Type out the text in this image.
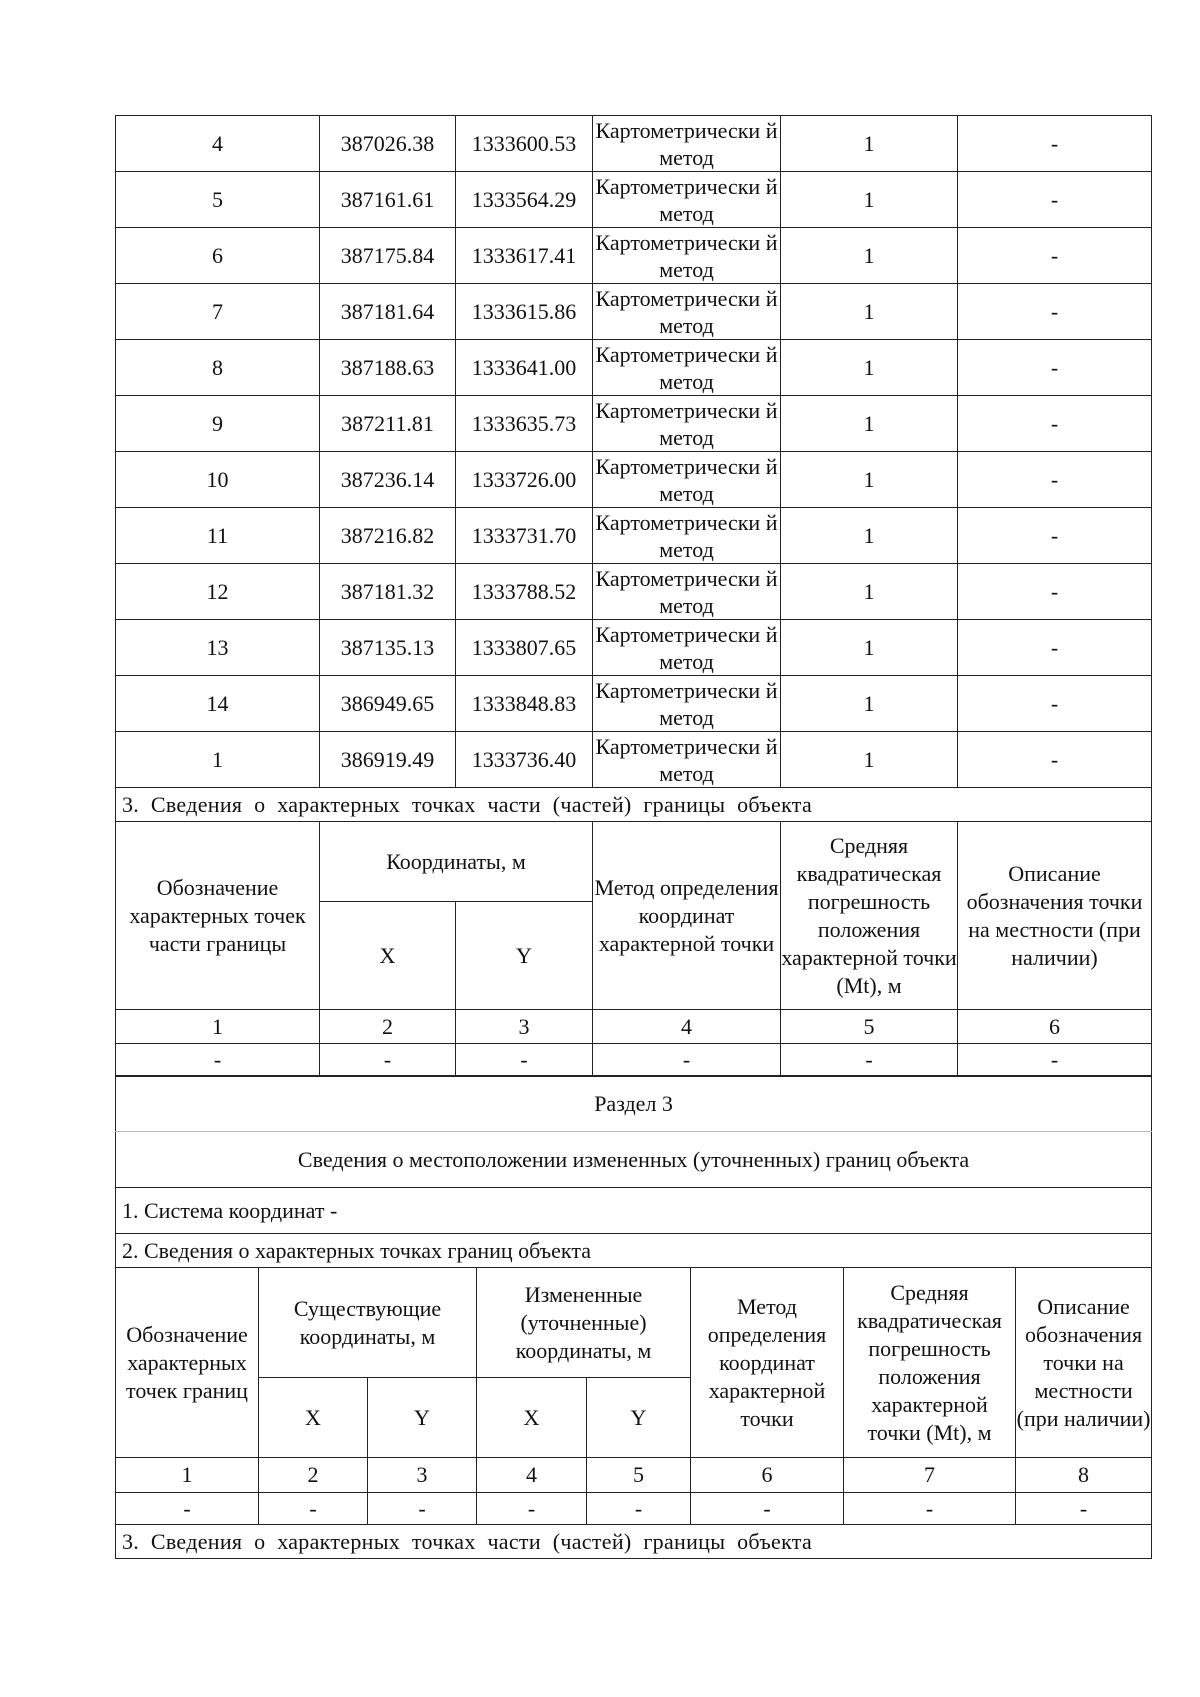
4	387026.38	1333600.53	Картометрически й метод	1	-
5	387161.61	1333564.29	Картометрически й метод	1	-
6	387175.84	1333617.41	Картометрически й метод	1	-
7	387181.64	1333615.86	Картометрически й метод	1	-
8	387188.63	1333641.00	Картометрически й метод	1	-
9	387211.81	1333635.73	Картометрически й метод	1	-
10	387236.14	1333726.00	Картометрически й метод	1	-
11	387216.82	1333731.70	Картометрически й метод	1	-
12	387181.32	1333788.52	Картометрически й метод	1	-
13	387135.13	1333807.65	Картометрически й метод	1	-
14	386949.65	1333848.83	Картометрически й метод	1	-
1	386919.49	1333736.40	Картометрически й метод	1	-
3. Сведения о характерных точках части (частей) границы объекта					
Обозначение характерных точек части границы	Координаты, м		Метод определения координат характерной точки	Средняя квадратическая погрешность положения характерной точки (Mt), м	Описание обозначения точки на местности (при наличии)
	X	Y			
1	2	3	4	5	6
-	-	-	-	-	-
Раздел 3							
Сведения о местоположении измененных (уточненных) границ объекта							
1. Система координат -							
2. Сведения о характерных точках границ объекта							
Обозначение характерных точек границ	Существующие координаты, м		Измененные (уточненные) координаты, м		Метод определения координат характерной точки	Средняя квадратическая погрешность положения характерной точки (Mt), м	Описание обозначения точки на местности (при наличии)
	X	Y	X	Y			
1	2	3	4	5	6	7	8
-	-	-	-	-	-	-	-
3. Сведения о характерных точках части (частей) границы объекта							
